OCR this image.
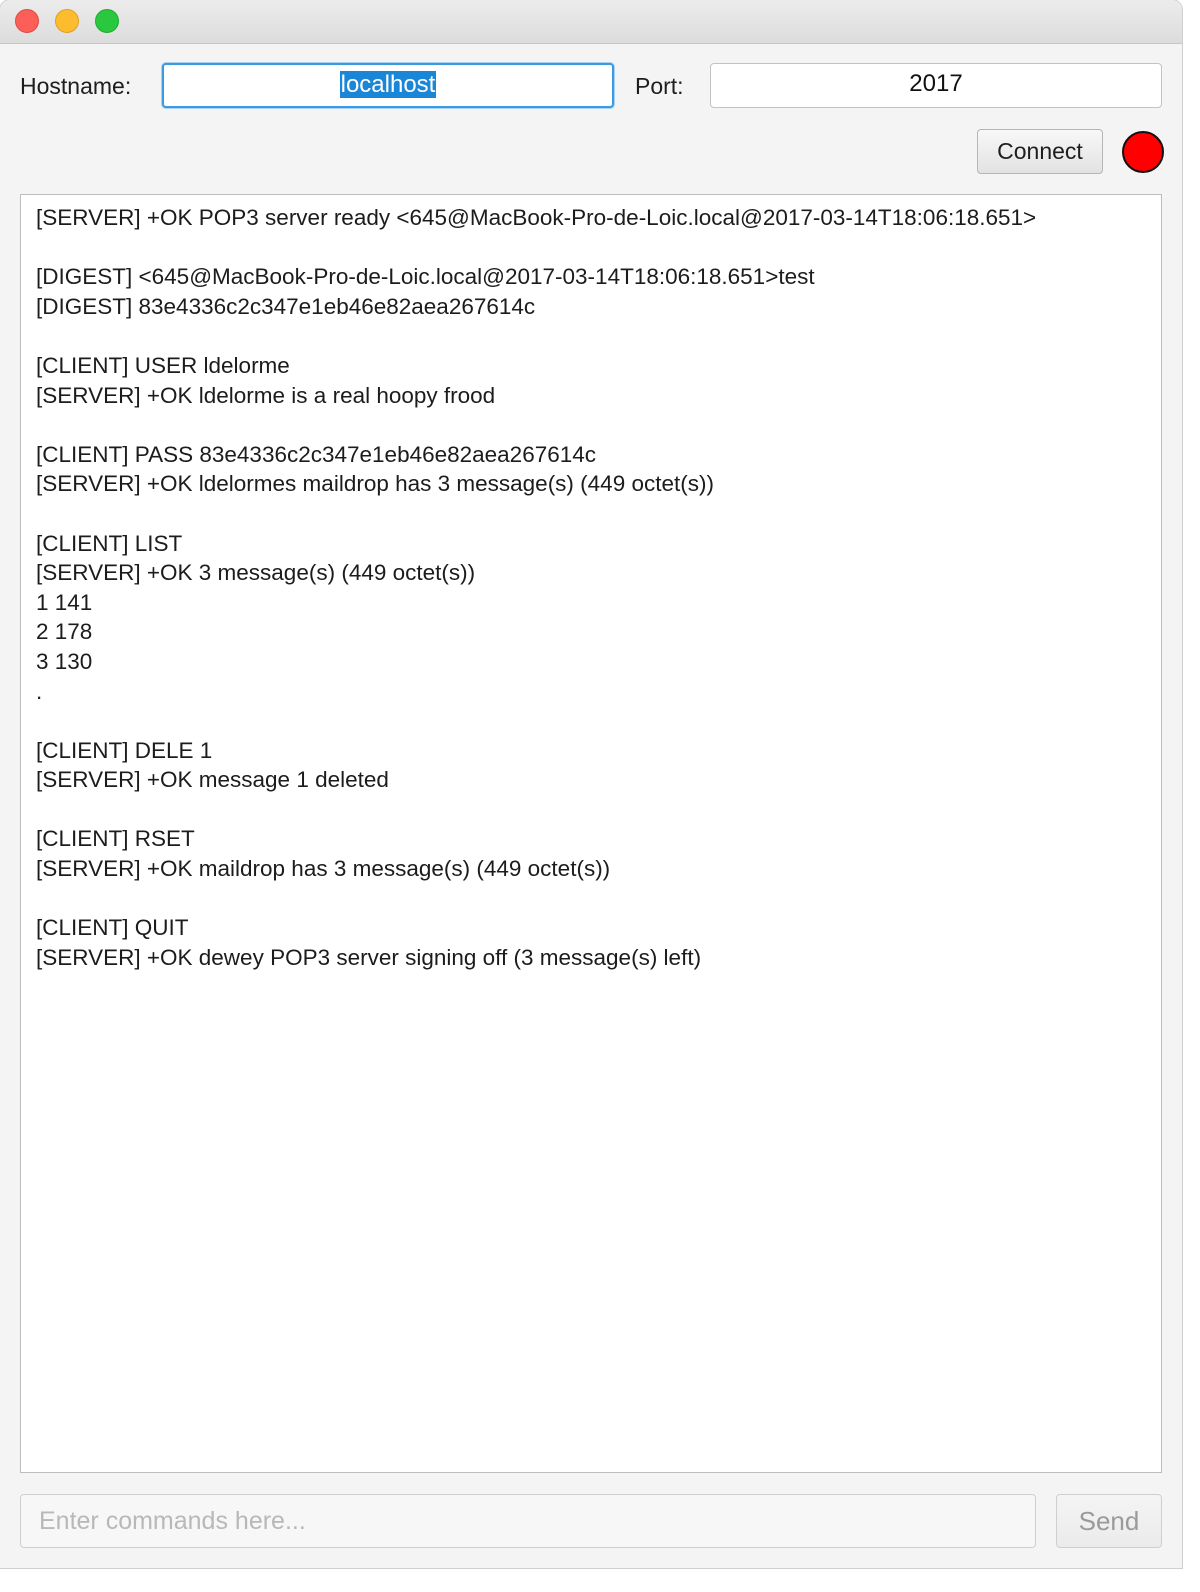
Hostname:	localhost	Port:	2017
Connect
[SERVER] +OK POP3 server ready <645@MacBook-Pro-de-Loic.local@2017-03-14T18:06:18.651>
[DIGEST] <645@MacBook-Pro-de-Loic.local@2017-03-14T18:06:18.651>test
[DIGEST] 83e4336c2c347e1eb46e82aea267614c
[CLIENT] USER ldelorme
[SERVER] +OK ldelorme is a real hoopy frood
[CLIENT] PASS 83e4336c2c347e1eb46e82aea267614c
[SERVER] +OK ldelormes maildrop has 3 message(s) (449 octet(s))
[CLIENT] LIST
[SERVER] +OK 3 message(s) (449 octet(s))
1 141
2 178
3 130
.
[CLIENT] DELE 1
[SERVER] +OK message 1 deleted
[CLIENT] RSET
[SERVER] +OK maildrop has 3 message(s) (449 octet(s))
[CLIENT] QUIT
[SERVER] +OK dewey POP3 server signing off (3 message(s) left)
Enter commands here...
Send
